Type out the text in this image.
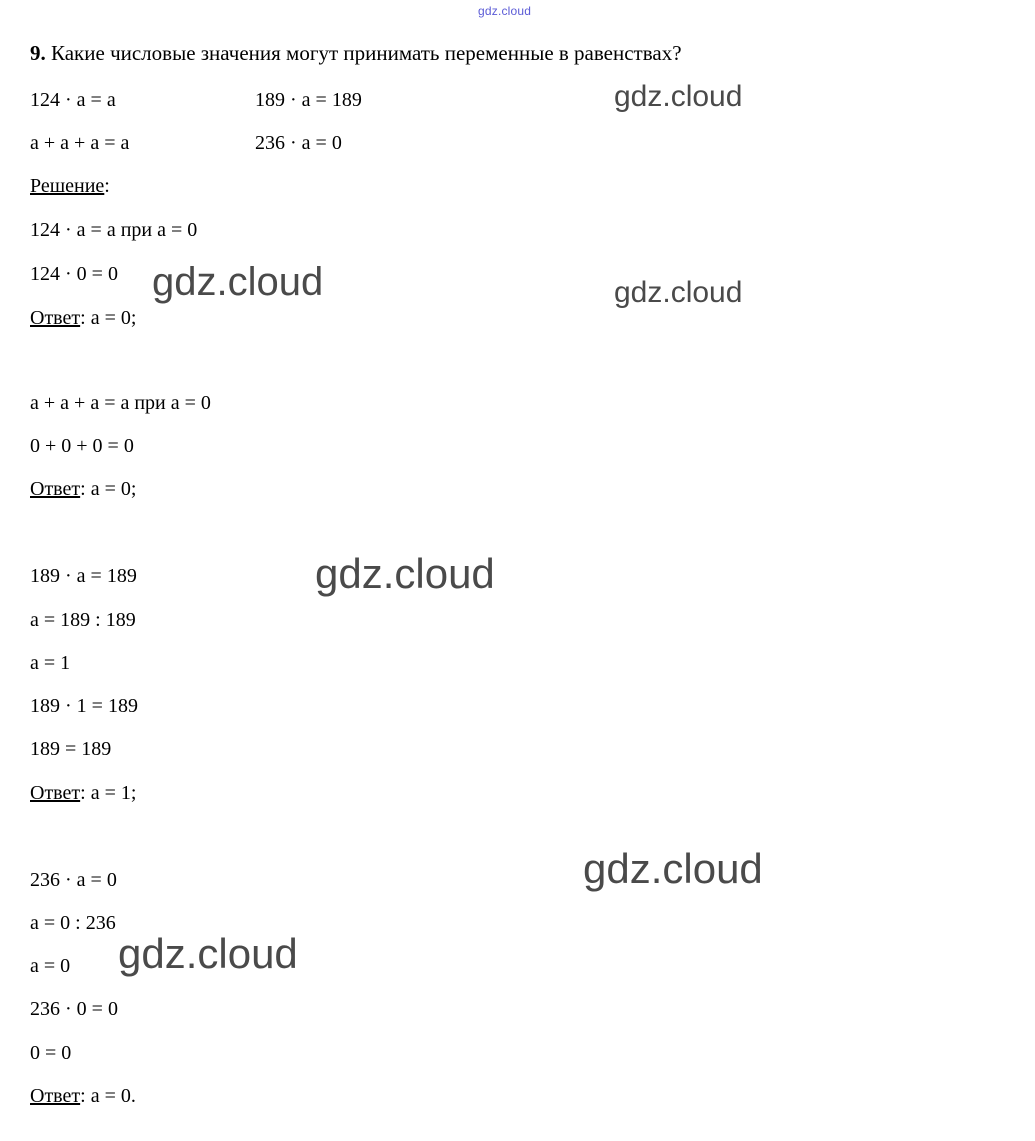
gdz.cloud
gdz.cloud
gdz.cloud	gdz.cloud
gdz.cloud
gdz.cloud
gdz.cloud
9. Какие числовые значения могут принимать переменные в равенствах?
124 · a = a
a + a + a = a
189 · a = 189
236 · a = 0
Решение:
124 · a = a при a = 0
124 · 0 = 0
Ответ: a = 0;
a + a + a = a при a = 0
0 + 0 + 0 = 0
Ответ: a = 0;
189 · a = 189
a = 189 : 189
a = 1
189 · 1 = 189
189 = 189
Ответ: a = 1;
236 · a = 0
a = 0 : 236
a = 0
236 · 0 = 0
0 = 0
Ответ: a = 0.
